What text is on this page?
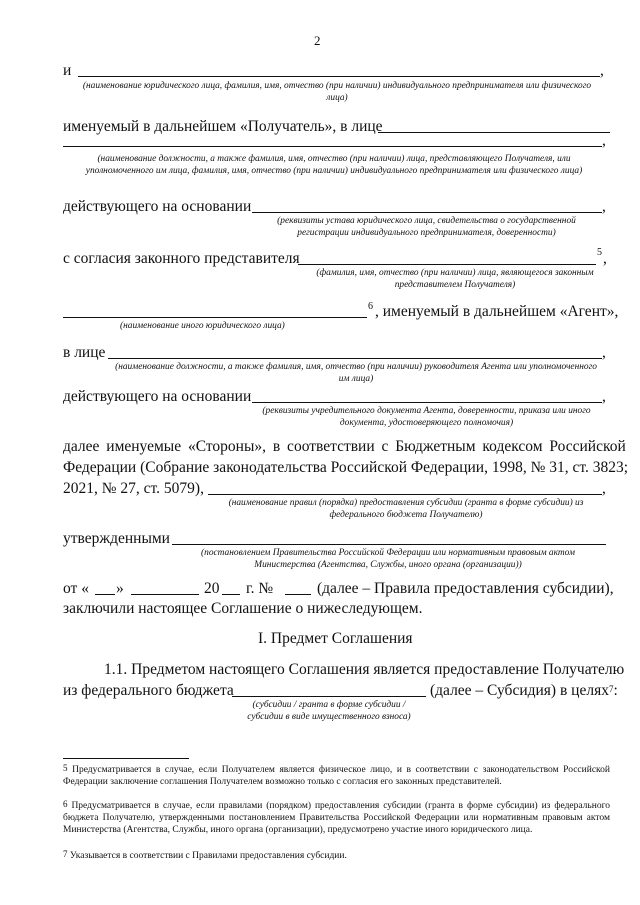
2
и	,
(наименование юридического лица, фамилия, имя, отчество (при наличии) индивидуального предпринимателя или физического лица)
именуемый в дальнейшем «Получатель», в лице
,
(наименование должности, а также фамилия, имя, отчество (при наличии) лица, представляющего Получателя, или уполномоченного им лица, фамилия, имя, отчество (при наличии) индивидуального предпринимателя или физического лица)
действующего на основании	,
(реквизиты устава юридического лица, свидетельства о государственной регистрации индивидуального предпринимателя, доверенности)
с согласия законного представителя	5 ,
(фамилия, имя, отчество (при наличии) лица, являющегося законным представителем Получателя)
6 , именуемый в дальнейшем «Агент»,
(наименование иного юридического лица)
в лице	,
(наименование должности, а также фамилия, имя, отчество (при наличии) руководителя Агента или уполномоченного им лица)
действующего на основании	,
(реквизиты учредительного документа Агента, доверенности, приказа или иного документа, удостоверяющего полномочия)
далее именуемые «Стороны», в соответствии с Бюджетным кодексом Российской
Федерации (Собрание законодательства Российской Федерации, 1998, № 31, ст. 3823;
2021, № 27, ст. 5079),	,
(наименование правил (порядка) предоставления субсидии (гранта в форме субсидии) из федерального бюджета Получателю)
утвержденными
(постановлением Правительства Российской Федерации или нормативным правовым актом Министерства (Агентства, Службы, иного органа (организации))
от « »	20 г. №	(далее – Правила предоставления субсидии),
заключили настоящее Соглашение о нижеследующем.
I. Предмет Соглашения
1.1. Предметом настоящего Соглашения является предоставление Получателю
из федерального бюджета	(далее – Субсидия) в целях$^7$:
(субсидии / гранта в форме субсидии / субсидии в виде имущественного взноса)
5 Предусматривается в случае, если Получателем является физическое лицо, и в соответствии с законодательством Российской Федерации заключение соглашения Получателем возможно только с согласия его законных представителей.
6 Предусматривается в случае, если правилами (порядком) предоставления субсидии (гранта в форме субсидии) из федерального бюджета Получателю, утвержденными постановлением Правительства Российской Федерации или нормативным правовым актом Министерства (Агентства, Службы, иного органа (организации), предусмотрено участие иного юридического лица.
7 Указывается в соответствии с Правилами предоставления субсидии.
